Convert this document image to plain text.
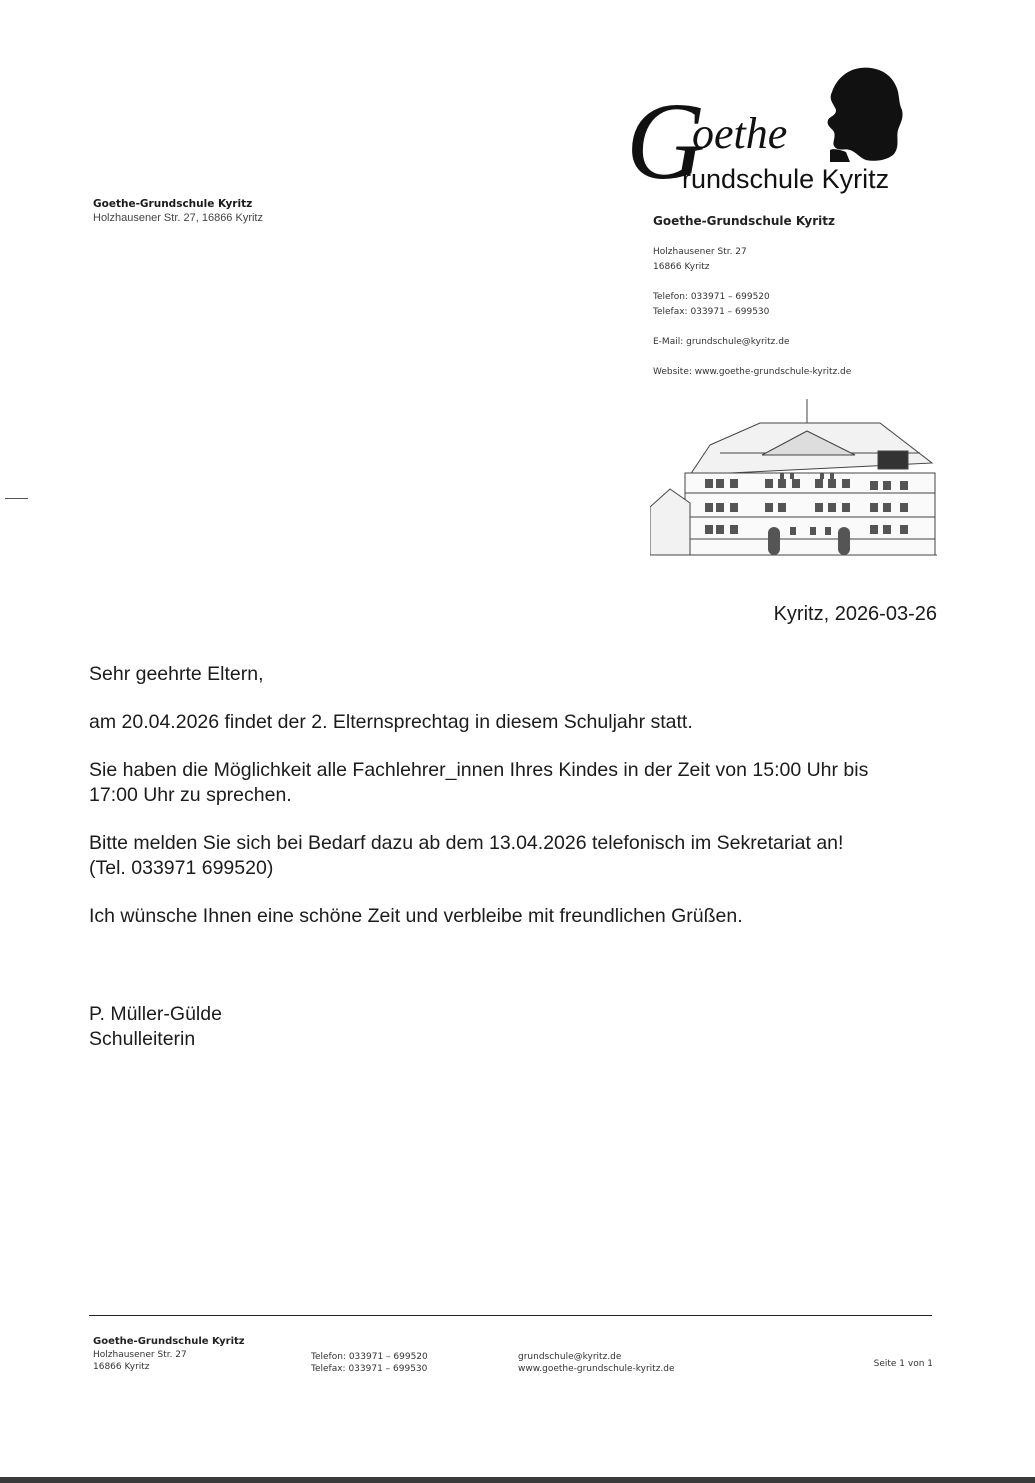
Goethe-Grundschule Kyritz
Holzhausener Str. 27, 16866 Kyritz
G
oethe
rundschule Kyritz
Goethe-Grundschule Kyritz
Holzhausener Str. 27
16866 Kyritz
Telefon: 033971 – 699520
Telefax: 033971 – 699530
E-Mail: grundschule@kyritz.de
Website: www.goethe-grundschule-kyritz.de
Kyritz, 2026-03-26

Sehr geehrte Eltern,

am 20.04.2026 findet der 2. Elternsprechtag in diesem Schuljahr statt.

Sie haben die Möglichkeit alle Fachlehrer_innen Ihres Kindes in der Zeit von 15:00 Uhr bis
17:00 Uhr zu sprechen.

Bitte melden Sie sich bei Bedarf dazu ab dem 13.04.2026 telefonisch im Sekretariat an!
(Tel. 033971 699520)

Ich wünsche Ihnen eine schöne Zeit und verbleibe mit freundlichen Grüßen.

P. Müller-Gülde
Schulleiterin
Goethe-Grundschule Kyritz
Holzhausener Str. 27
16866 Kyritz
Telefon: 033971 – 699520
Telefax: 033971 – 699530
grundschule@kyritz.de
www.goethe-grundschule-kyritz.de	Seite 1 von 1
